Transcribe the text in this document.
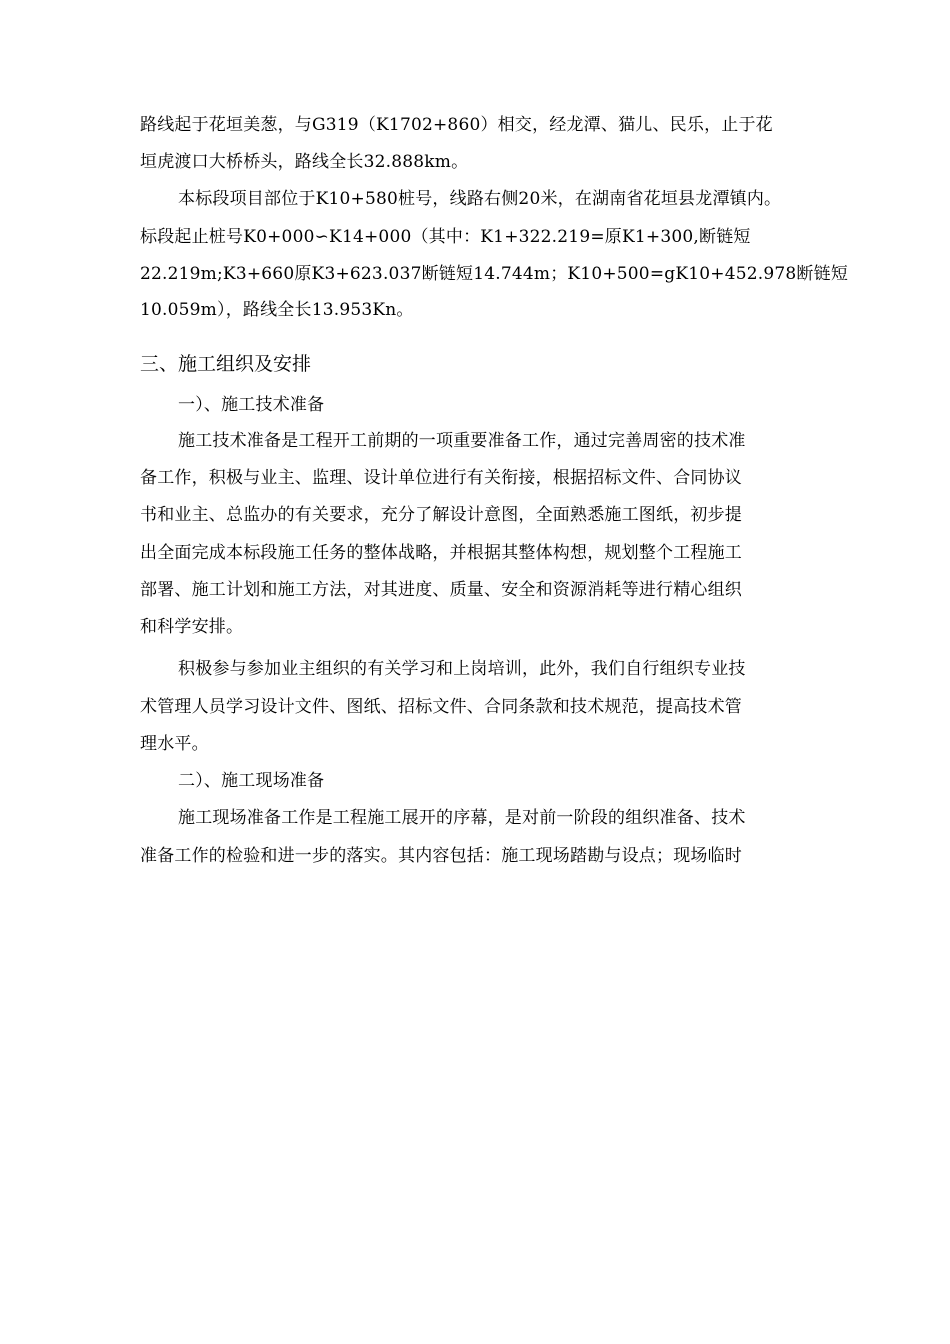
路线起于花垣美葱，与G319（K1702+860）相交，经龙潭、猫儿、民乐，止于花
垣虎渡口大桥桥头，路线全长32.888km。
本标段项目部位于K10+580桩号，线路右侧20米，在湖南省花垣县龙潭镇内。
标段起止桩号K0+000∽K14+000（其中：K1+322.219=原K1+300,断链短
22.219m;K3+660原K3+623.037断链短14.744m；K10+500=gK10+452.978断链短
10.059m），路线全长13.953Kn。
三、施工组织及安排
一）、施工技术准备
施工技术准备是工程开工前期的一项重要准备工作，通过完善周密的技术准
备工作，积极与业主、监理、设计单位进行有关衔接，根据招标文件、合同协议
书和业主、总监办的有关要求，充分了解设计意图，全面熟悉施工图纸，初步提
出全面完成本标段施工任务的整体战略，并根据其整体构想，规划整个工程施工
部署、施工计划和施工方法，对其进度、质量、安全和资源消耗等进行精心组织
和科学安排。
积极参与参加业主组织的有关学习和上岗培训，此外，我们自行组织专业技
术管理人员学习设计文件、图纸、招标文件、合同条款和技术规范，提高技术管
理水平。
二）、施工现场准备
施工现场准备工作是工程施工展开的序幕，是对前一阶段的组织准备、技术
准备工作的检验和进一步的落实。其内容包括：施工现场踏勘与设点；现场临时
